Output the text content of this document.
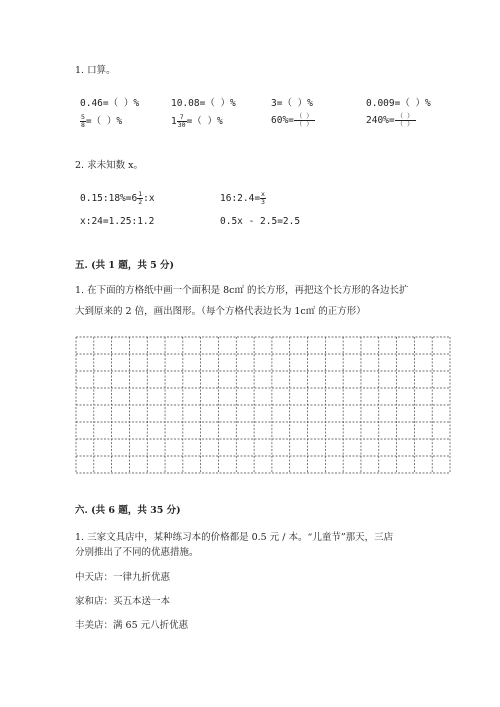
1. 口算。
0.46=（ ）%	10.08=（ ）%	3=（ ）%	0.009=（ ）%
$\frac{5}{8}$ =（ ）%	$1 \frac{7}{30}$ =（ ）%	$60\%= \frac{( )}{( )}$	$240\%= \frac{( )}{( )}$
2. 求未知数 x。
0.15:18%=6 $\frac{1}{2}$ :x	16:2.4= $\frac{x}{3}$
x:24=1.25:1.2	0.5x - 2.5=2.5
五. (共 1 题，共 5 分)
1. 在下面的方格纸中画一个面积是 8c㎡ 的长方形，再把这个长方形的各边长扩
大到原来的 2 倍，画出图形。（每个方格代表边长为 1c㎡ 的正方形）
六. (共 6 题，共 35 分)
1. 三家文具店中，某种练习本的价格都是 0.5 元 / 本。“儿童节”那天，三店
分别推出了不同的优惠措施。
中天店：一律九折优惠
家和店：买五本送一本
丰美店：满 65 元八折优惠
